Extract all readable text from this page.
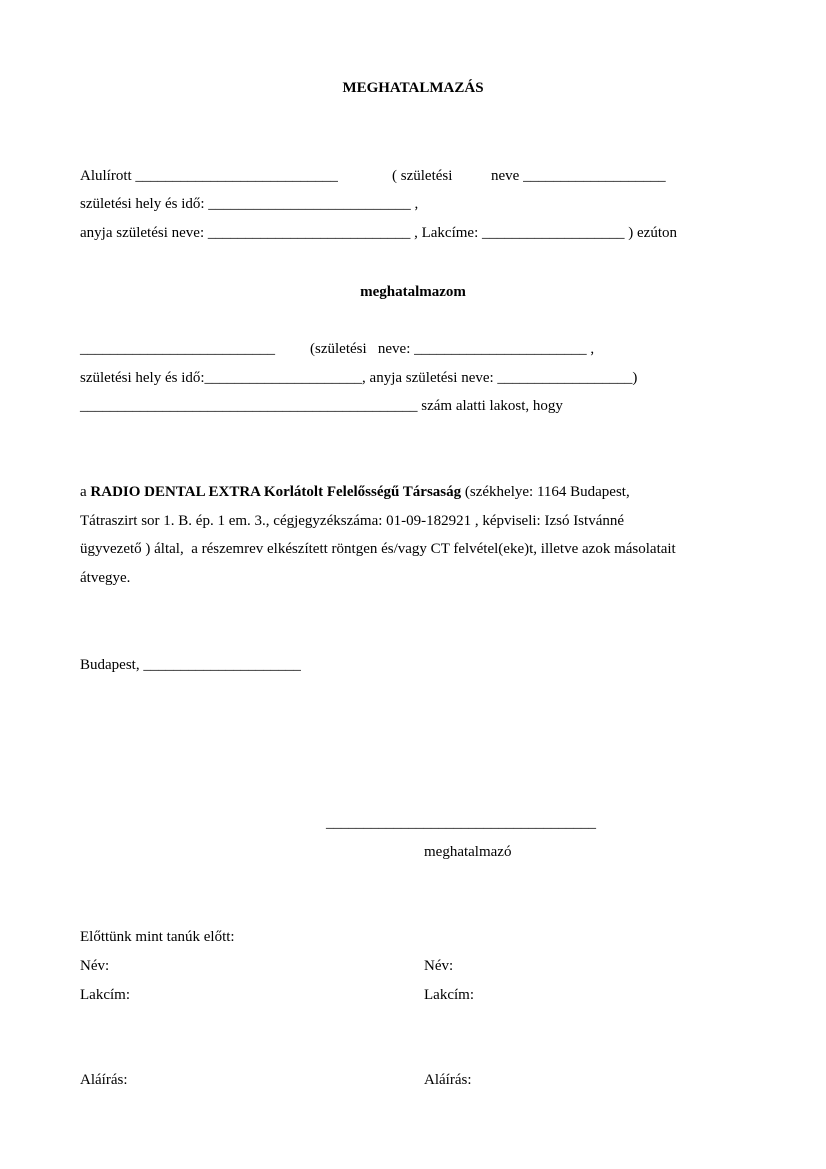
MEGHATALMAZÁS
Alulírott ___________________________	( születési	neve ___________________
születési hely és idő: ___________________________ ,
anyja születési neve: ___________________________ , Lakcíme: ___________________ ) ezúton
meghatalmazom
__________________________ (születési   neve: _______________________ ,
születési hely és idő:_____________________, anyja születési neve: __________________)
_____________________________________________ szám alatti lakost, hogy
a RADIO DENTAL EXTRA Korlátolt Felelősségű Társaság (székhelye: 1164 Budapest,
Tátraszirt sor 1. B. ép. 1 em. 3., cégjegyzékszáma: 01-09-182921 , képviseli: Izsó Istvánné
ügyvezető ) által,  a részemrev elkészített röntgen és/vagy CT felvétel(eke)t, illetve azok másolatait
átvegye.
Budapest, _____________________
____________________________________
meghatalmazó
Előttünk mint tanúk előtt:
Név:	Név:
Lakcím:	Lakcím:
Aláírás:	Aláírás:
